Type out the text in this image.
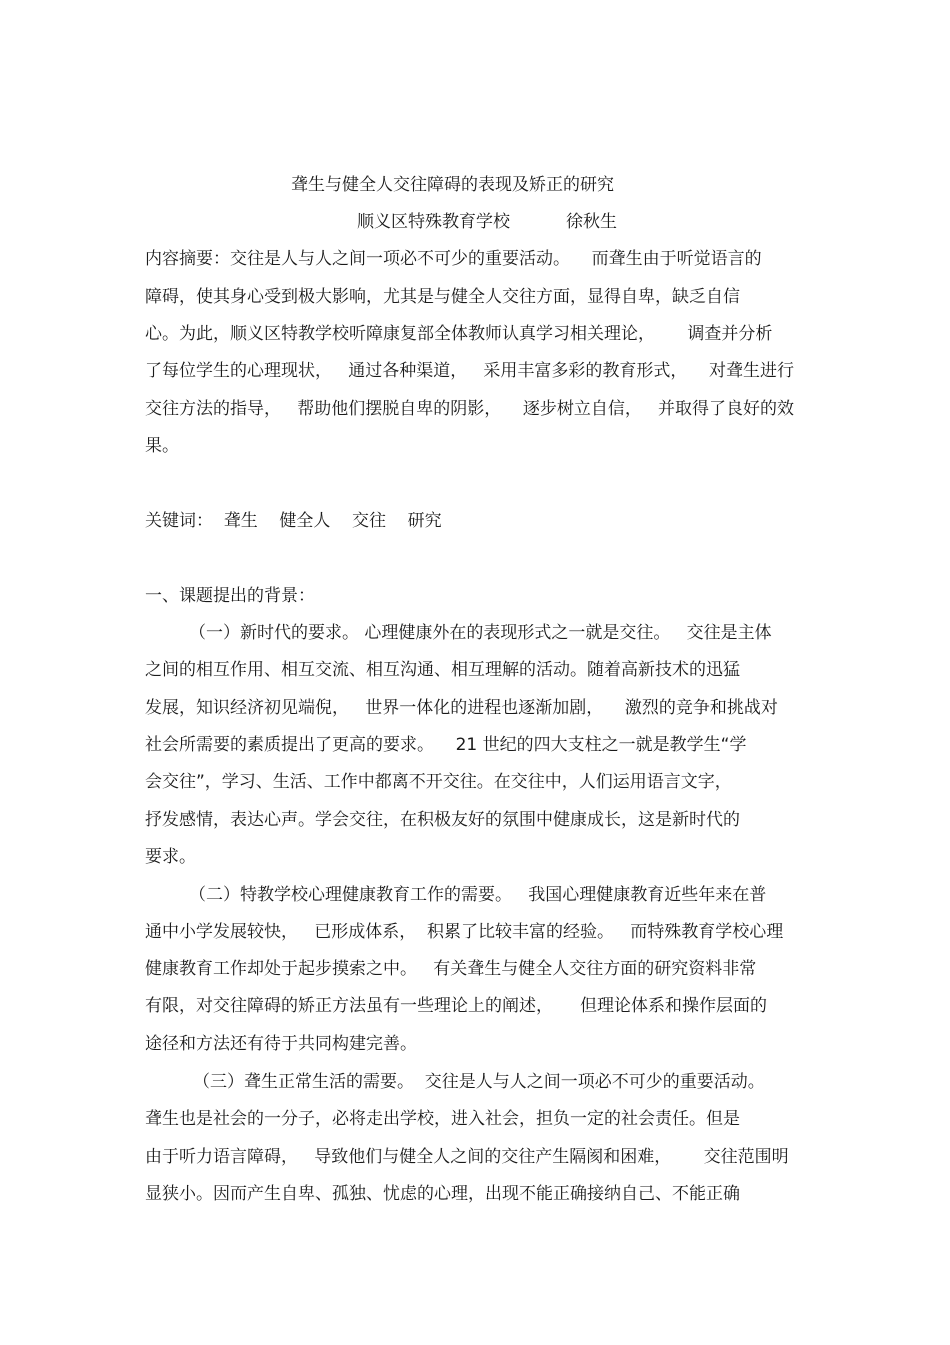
聋生与健全人交往障碍的表现及矫正的研究
顺义区特殊教育学校	徐秋生
内容摘要：交往是人与人之间一项必不可少的重要活动。    而聋生由于听觉语言的
障碍，使其身心受到极大影响，尤其是与健全人交往方面，显得自卑，缺乏自信
心。为此，顺义区特教学校听障康复部全体教师认真学习相关理论，      调查并分析
了每位学生的心理现状，   通过各种渠道，   采用丰富多彩的教育形式，    对聋生进行
交往方法的指导，   帮助他们摆脱自卑的阴影，    逐步树立自信，   并取得了良好的效
果。
关键词：  聋生    健全人    交往    研究
一、课题提出的背景：
（一）新时代的要求。 心理健康外在的表现形式之一就是交往。   交往是主体
之间的相互作用、相互交流、相互沟通、相互理解的活动。随着高新技术的迅猛
发展，知识经济初见端倪，   世界一体化的进程也逐渐加剧，    激烈的竞争和挑战对
社会所需要的素质提出了更高的要求。    21 世纪的四大支柱之一就是教学生“学
会交往”，学习、生活、工作中都离不开交往。在交往中，人们运用语言文字，
抒发感情，表达心声。学会交往，在积极友好的氛围中健康成长，这是新时代的
要求。
（二）特教学校心理健康教育工作的需要。   我国心理健康教育近些年来在普
通中小学发展较快，   已形成体系，  积累了比较丰富的经验。   而特殊教育学校心理
健康教育工作却处于起步摸索之中。   有关聋生与健全人交往方面的研究资料非常
有限，对交往障碍的矫正方法虽有一些理论上的阐述，     但理论体系和操作层面的
途径和方法还有待于共同构建完善。
（三）聋生正常生活的需要。  交往是人与人之间一项必不可少的重要活动。
聋生也是社会的一分子，必将走出学校，进入社会，担负一定的社会责任。但是
由于听力语言障碍，   导致他们与健全人之间的交往产生隔阂和困难，      交往范围明
显狭小。因而产生自卑、孤独、忧虑的心理，出现不能正确接纳自己、不能正确
